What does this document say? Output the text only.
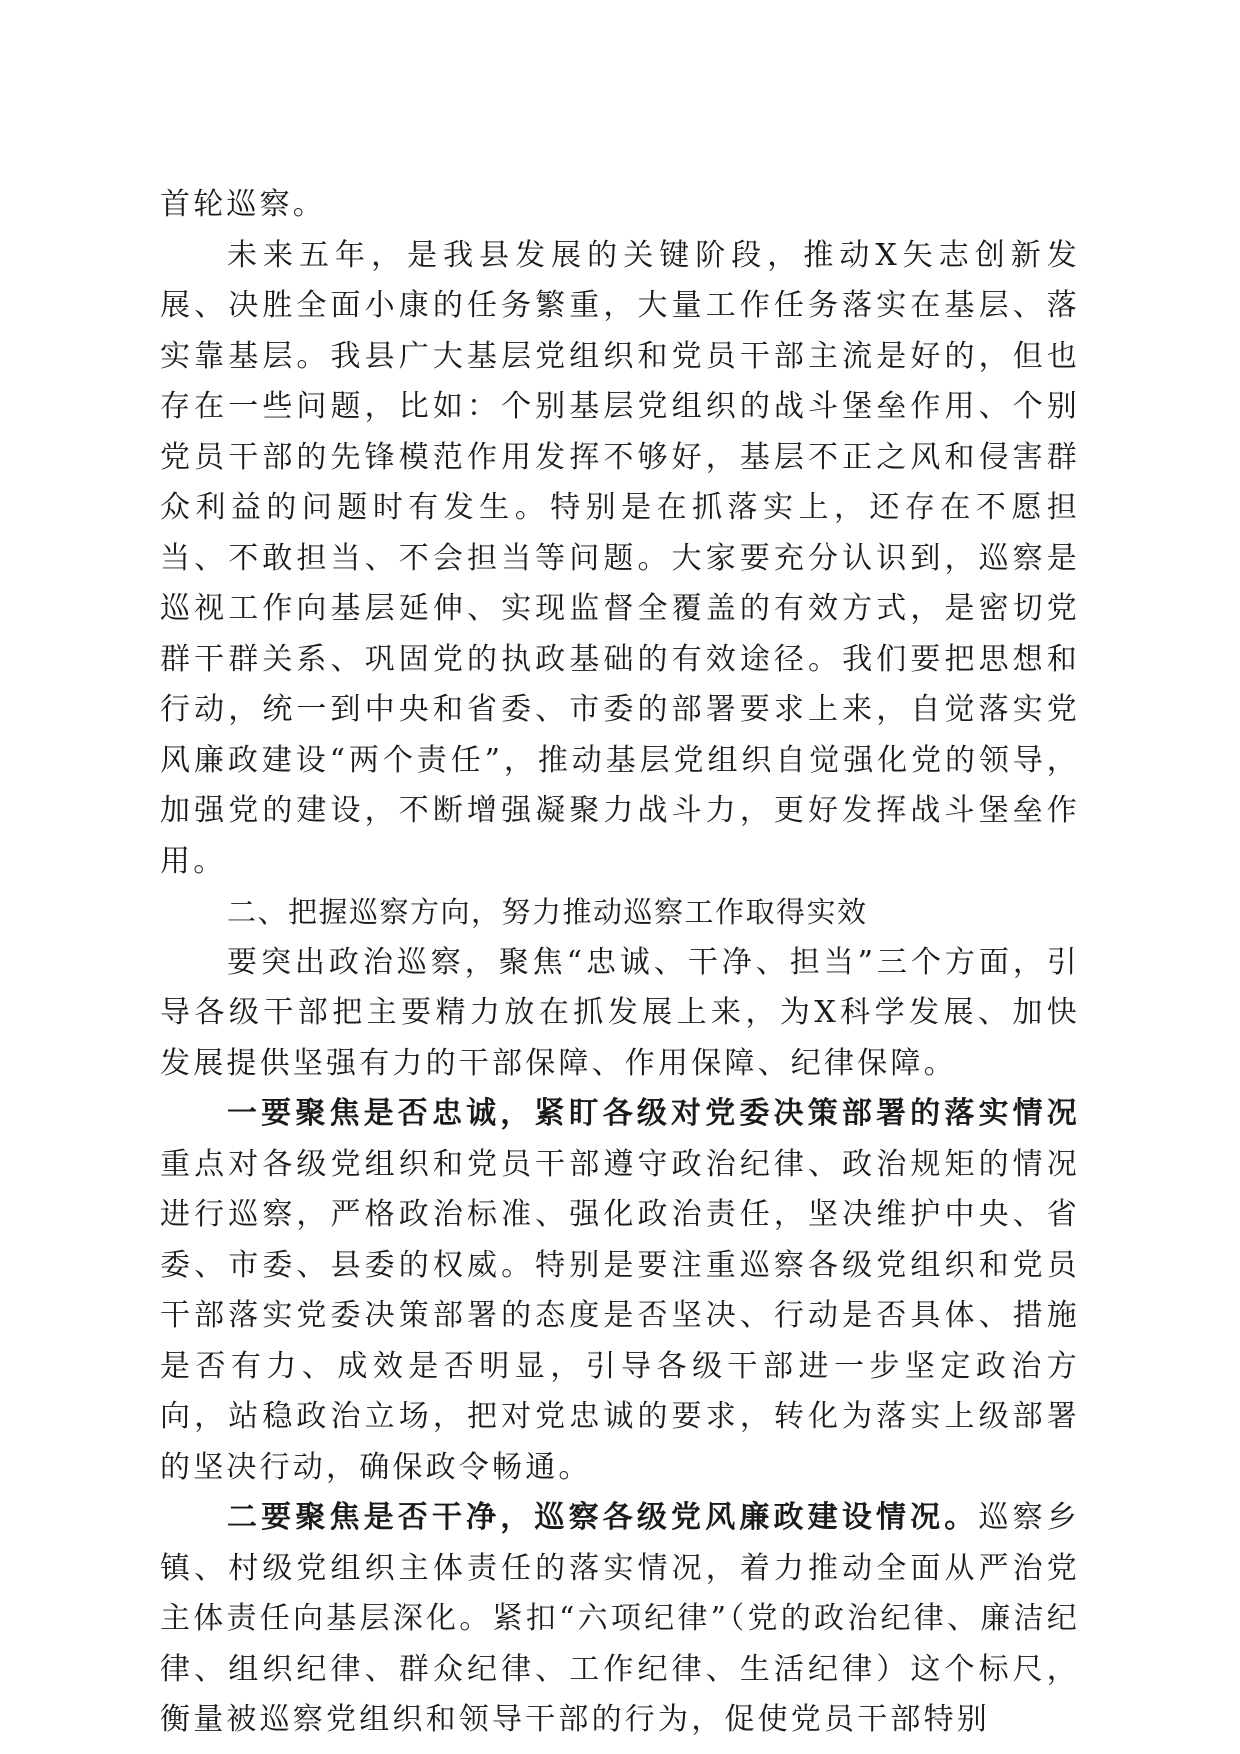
首轮巡察。

未来五年，是我县发展的关键阶段，推动X矢志创新发展、决胜全面小康的任务繁重，大量工作任务落实在基层、落实靠基层。我县广大基层党组织和党员干部主流是好的，但也存在一些问题，比如：个别基层党组织的战斗堡垒作用、个别党员干部的先锋模范作用发挥不够好，基层不正之风和侵害群众利益的问题时有发生。特别是在抓落实上，还存在不愿担当、不敢担当、不会担当等问题。大家要充分认识到，巡察是巡视工作向基层延伸、实现监督全覆盖的有效方式，是密切党群干群关系、巩固党的执政基础的有效途径。我们要把思想和行动，统一到中央和省委、市委的部署要求上来，自觉落实党风廉政建设“两个责任”，推动基层党组织自觉强化党的领导，加强党的建设，不断增强凝聚力战斗力，更好发挥战斗堡垒作用。

二、把握巡察方向，努力推动巡察工作取得实效

要突出政治巡察，聚焦“忠诚、干净、担当”三个方面，引导各级干部把主要精力放在抓发展上来，为X科学发展、加快发展提供坚强有力的干部保障、作用保障、纪律保障。

一要聚焦是否忠诚，紧盯各级对党委决策部署的落实情况重点对各级党组织和党员干部遵守政治纪律、政治规矩的情况进行巡察，严格政治标准、强化政治责任，坚决维护中央、省委、市委、县委的权威。特别是要注重巡察各级党组织和党员干部落实党委决策部署的态度是否坚决、行动是否具体、措施是否有力、成效是否明显，引导各级干部进一步坚定政治方向，站稳政治立场，把对党忠诚的要求，转化为落实上级部署的坚决行动，确保政令畅通。

二要聚焦是否干净，巡察各级党风廉政建设情况。巡察乡镇、村级党组织主体责任的落实情况，着力推动全面从严治党主体责任向基层深化。紧扣“六项纪律”（党的政治纪律、廉洁纪律、组织纪律、群众纪律、工作纪律、生活纪律）这个标尺，衡量被巡察党组织和领导干部的行为，促使党员干部特别
